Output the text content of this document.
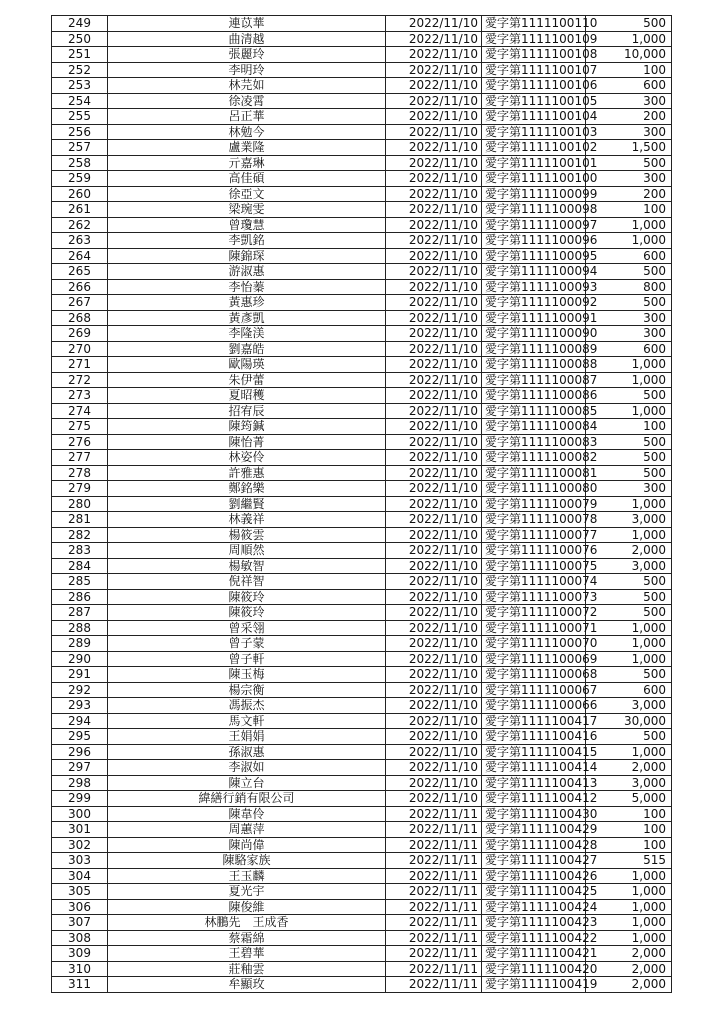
249	連苡華	2022/11/10	愛字第1111100110	500
250	曲清越	2022/11/10	愛字第1111100109	1,000
251	張麗玲	2022/11/10	愛字第1111100108	10,000
252	李明玲	2022/11/10	愛字第1111100107	100
253	林芫如	2022/11/10	愛字第1111100106	600
254	徐凌霄	2022/11/10	愛字第1111100105	300
255	呂正華	2022/11/10	愛字第1111100104	200
256	林勉今	2022/11/10	愛字第1111100103	300
257	盧業隆	2022/11/10	愛字第1111100102	1,500
258	亓嘉琳	2022/11/10	愛字第1111100101	500
259	高佳碩	2022/11/10	愛字第1111100100	300
260	徐亞文	2022/11/10	愛字第1111100099	200
261	梁琬雯	2022/11/10	愛字第1111100098	100
262	曾瓊慧	2022/11/10	愛字第1111100097	1,000
263	李凱銘	2022/11/10	愛字第1111100096	1,000
264	陳錦琛	2022/11/10	愛字第1111100095	600
265	游淑惠	2022/11/10	愛字第1111100094	500
266	李怡蓁	2022/11/10	愛字第1111100093	800
267	黃惠珍	2022/11/10	愛字第1111100092	500
268	黃彥凱	2022/11/10	愛字第1111100091	300
269	李隆渼	2022/11/10	愛字第1111100090	300
270	劉嘉皓	2022/11/10	愛字第1111100089	600
271	歐陽瑛	2022/11/10	愛字第1111100088	1,000
272	朱伊蕾	2022/11/10	愛字第1111100087	1,000
273	夏昭穫	2022/11/10	愛字第1111100086	500
274	招宥辰	2022/11/10	愛字第1111100085	1,000
275	陳筠鍼	2022/11/10	愛字第1111100084	100
276	陳怡菁	2022/11/10	愛字第1111100083	500
277	林姿伶	2022/11/10	愛字第1111100082	500
278	許雅惠	2022/11/10	愛字第1111100081	500
279	鄭銘樂	2022/11/10	愛字第1111100080	300
280	劉繼賢	2022/11/10	愛字第1111100079	1,000
281	林義祥	2022/11/10	愛字第1111100078	3,000
282	楊筱雲	2022/11/10	愛字第1111100077	1,000
283	周順然	2022/11/10	愛字第1111100076	2,000
284	楊敏智	2022/11/10	愛字第1111100075	3,000
285	倪祥智	2022/11/10	愛字第1111100074	500
286	陳筱玲	2022/11/10	愛字第1111100073	500
287	陳筱玲	2022/11/10	愛字第1111100072	500
288	曾采翎	2022/11/10	愛字第1111100071	1,000
289	曾子蒙	2022/11/10	愛字第1111100070	1,000
290	曾子軒	2022/11/10	愛字第1111100069	1,000
291	陳玉梅	2022/11/10	愛字第1111100068	500
292	楊宗衡	2022/11/10	愛字第1111100067	600
293	馮振杰	2022/11/10	愛字第1111100066	3,000
294	馬文軒	2022/11/10	愛字第1111100417	30,000
295	王娟娟	2022/11/10	愛字第1111100416	500
296	孫淑惠	2022/11/10	愛字第1111100415	1,000
297	李淑如	2022/11/10	愛字第1111100414	2,000
298	陳立台	2022/11/10	愛字第1111100413	3,000
299	緯繕行銷有限公司	2022/11/10	愛字第1111100412	5,000
300	陳韋伶	2022/11/11	愛字第1111100430	100
301	周蕙萍	2022/11/11	愛字第1111100429	100
302	陳尚偉	2022/11/11	愛字第1111100428	100
303	陳駱家族	2022/11/11	愛字第1111100427	515
304	王玉麟	2022/11/11	愛字第1111100426	1,000
305	夏光宇	2022/11/11	愛字第1111100425	1,000
306	陳俊維	2022/11/11	愛字第1111100424	1,000
307	林鵬先　王成香	2022/11/11	愛字第1111100423	1,000
308	蔡霜綿	2022/11/11	愛字第1111100422	1,000
309	王碧華	2022/11/11	愛字第1111100421	2,000
310	莊釉雲	2022/11/11	愛字第1111100420	2,000
311	牟顯玫	2022/11/11	愛字第1111100419	2,000
